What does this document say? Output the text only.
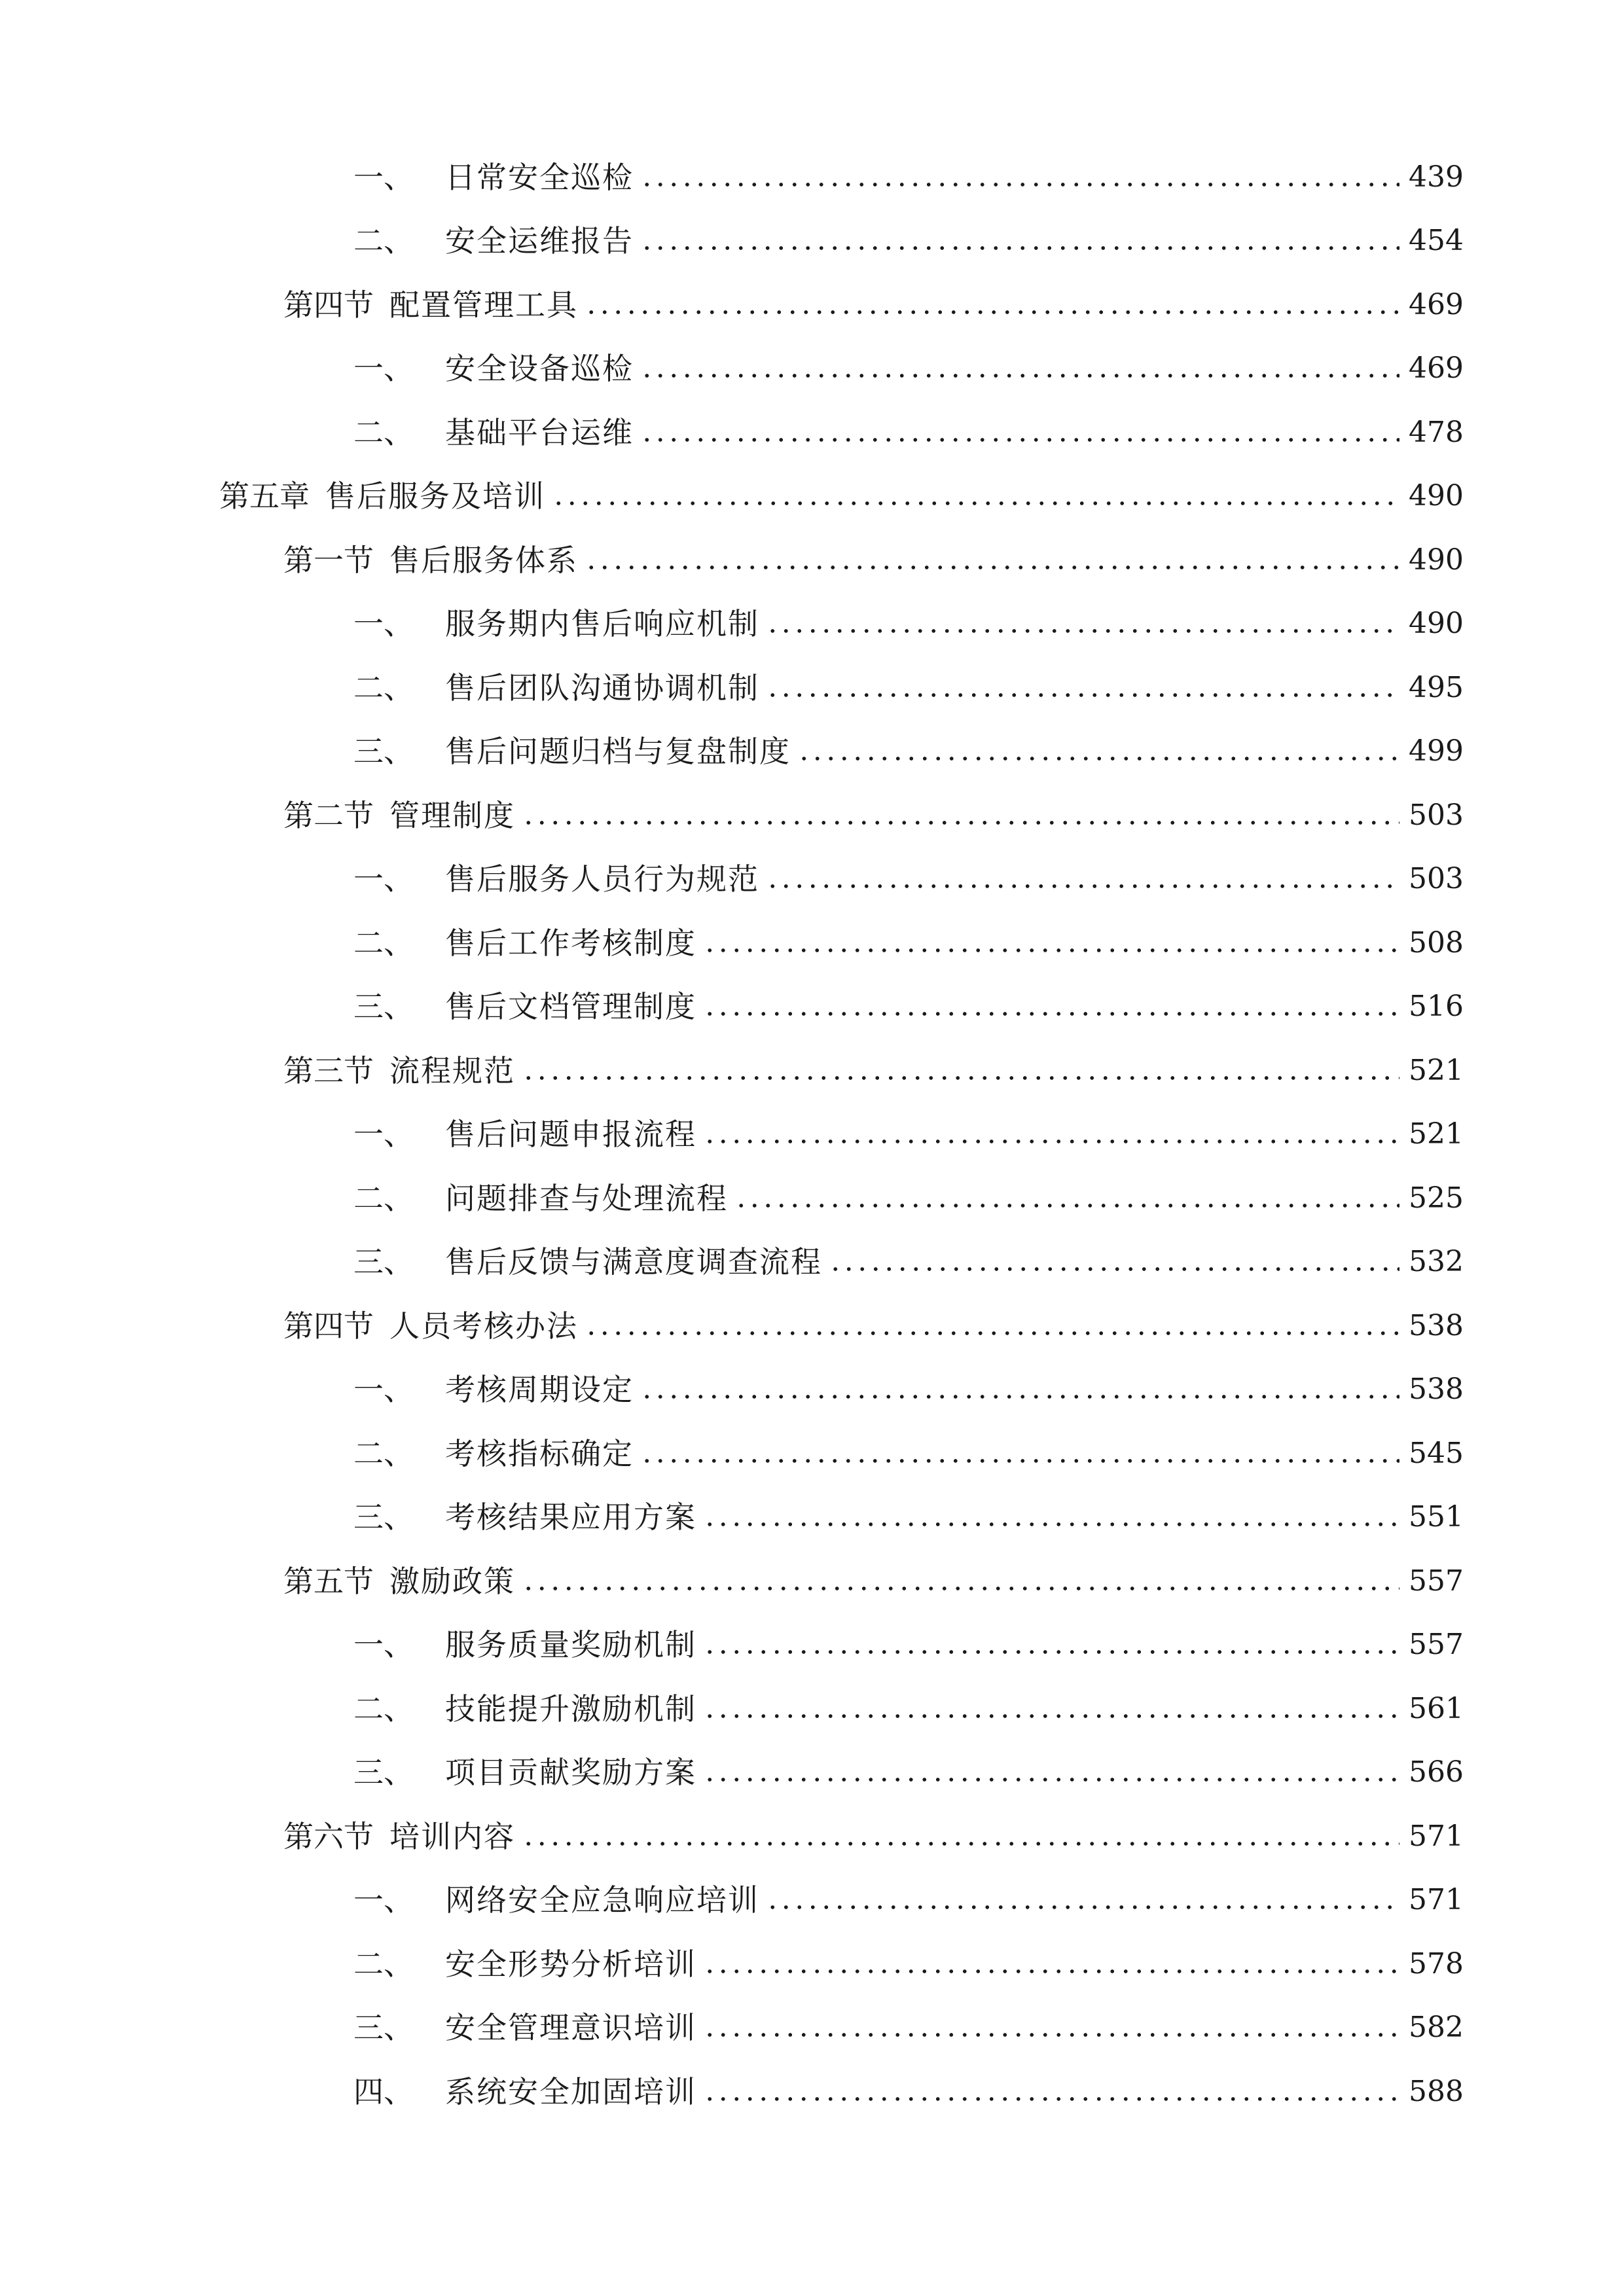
一、 日常安全巡检	439
二、 安全运维报告	454
第四节 配置管理工具	469
一、 安全设备巡检	469
二、 基础平台运维	478
第五章 售后服务及培训	490
第一节 售后服务体系	490
一、 服务期内售后响应机制	490
二、 售后团队沟通协调机制	495
三、 售后问题归档与复盘制度	499
第二节 管理制度	503
一、 售后服务人员行为规范	503
二、 售后工作考核制度	508
三、 售后文档管理制度	516
第三节 流程规范	521
一、 售后问题申报流程	521
二、 问题排查与处理流程	525
三、 售后反馈与满意度调查流程	532
第四节 人员考核办法	538
一、 考核周期设定	538
二、 考核指标确定	545
三、 考核结果应用方案	551
第五节 激励政策	557
一、 服务质量奖励机制	557
二、 技能提升激励机制	561
三、 项目贡献奖励方案	566
第六节 培训内容	571
一、 网络安全应急响应培训	571
二、 安全形势分析培训	578
三、 安全管理意识培训	582
四、 系统安全加固培训	588
